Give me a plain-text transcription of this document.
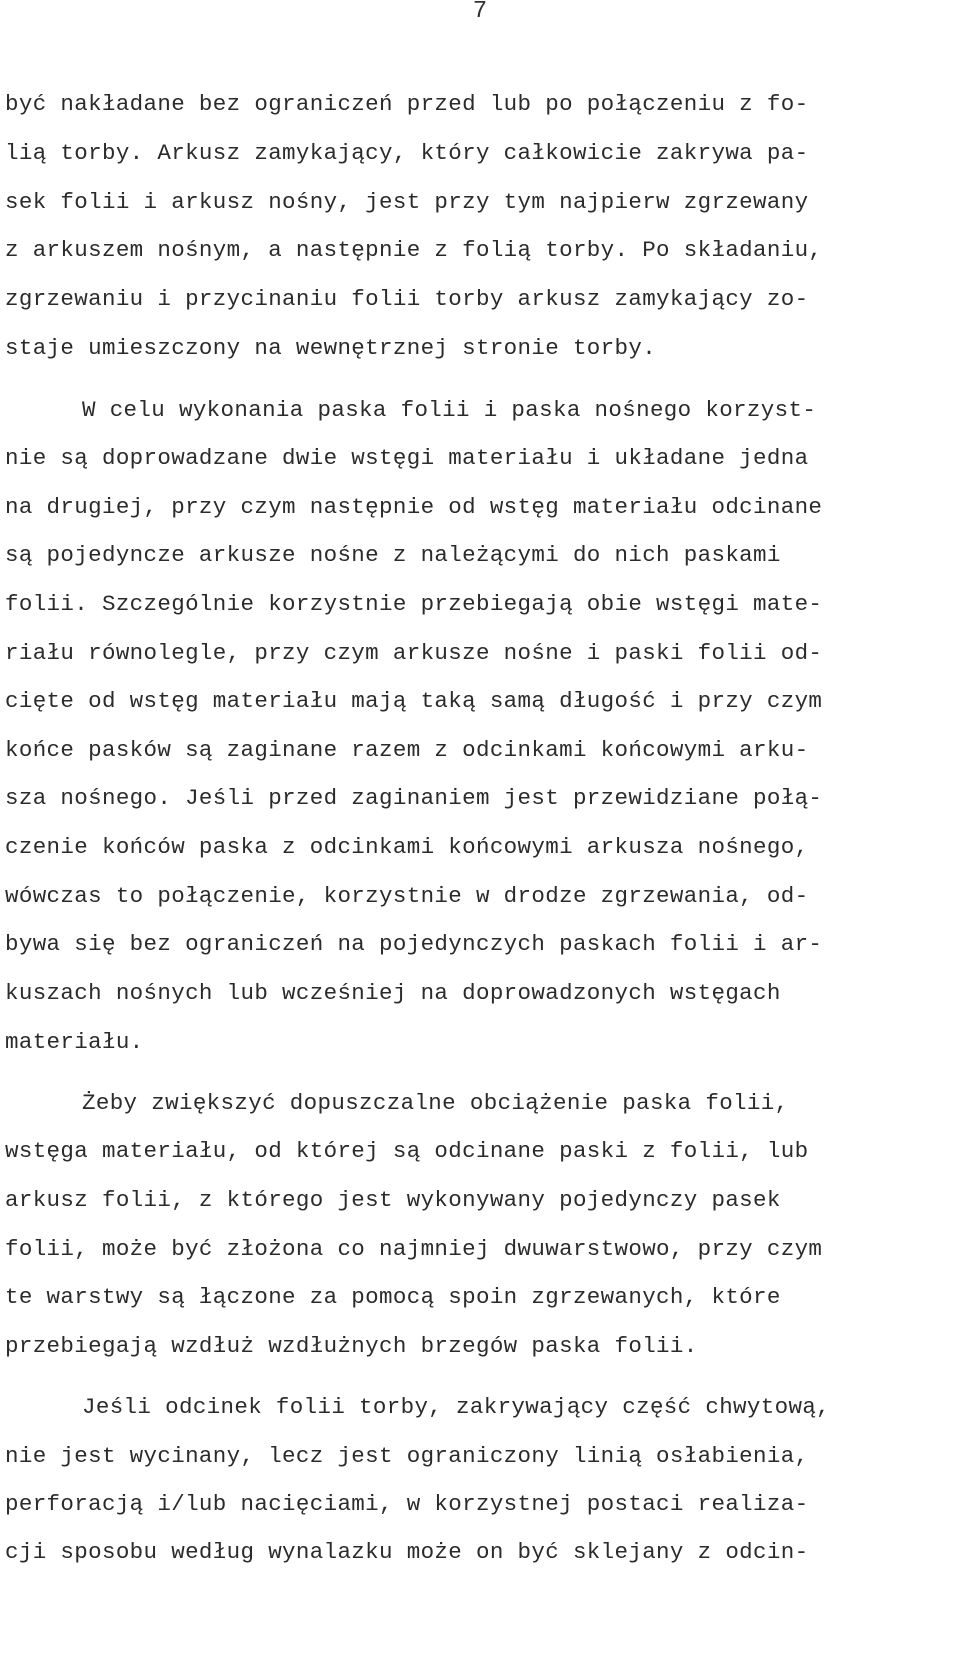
7
być nakładane bez ograniczeń przed lub po połączeniu z fo-
lią torby. Arkusz zamykający, który całkowicie zakrywa pa-
sek folii i arkusz nośny, jest przy tym najpierw zgrzewany
z arkuszem nośnym, a następnie z folią torby. Po składaniu,
zgrzewaniu i przycinaniu folii torby arkusz zamykający zo-
staje umieszczony na wewnętrznej stronie torby.
W celu wykonania paska folii i paska nośnego korzyst-
nie są doprowadzane dwie wstęgi materiału i układane jedna
na drugiej, przy czym następnie od wstęg materiału odcinane
są pojedyncze arkusze nośne z należącymi do nich paskami
folii. Szczególnie korzystnie przebiegają obie wstęgi mate-
riału równolegle, przy czym arkusze nośne i paski folii od-
cięte od wstęg materiału mają taką samą długość i przy czym
końce pasków są zaginane razem z odcinkami końcowymi arku-
sza nośnego. Jeśli przed zaginaniem jest przewidziane połą-
czenie końców paska z odcinkami końcowymi arkusza nośnego,
wówczas to połączenie, korzystnie w drodze zgrzewania, od-
bywa się bez ograniczeń na pojedynczych paskach folii i ar-
kuszach nośnych lub wcześniej na doprowadzonych wstęgach
materiału.
Żeby zwiększyć dopuszczalne obciążenie paska folii,
wstęga materiału, od której są odcinane paski z folii, lub
arkusz folii, z którego jest wykonywany pojedynczy pasek
folii, może być złożona co najmniej dwuwarstwowo, przy czym
te warstwy są łączone za pomocą spoin zgrzewanych, które
przebiegają wzdłuż wzdłużnych brzegów paska folii.
Jeśli odcinek folii torby, zakrywający część chwytową,
nie jest wycinany, lecz jest ograniczony linią osłabienia,
perforacją i/lub nacięciami, w korzystnej postaci realiza-
cji sposobu według wynalazku może on być sklejany z odcin-
